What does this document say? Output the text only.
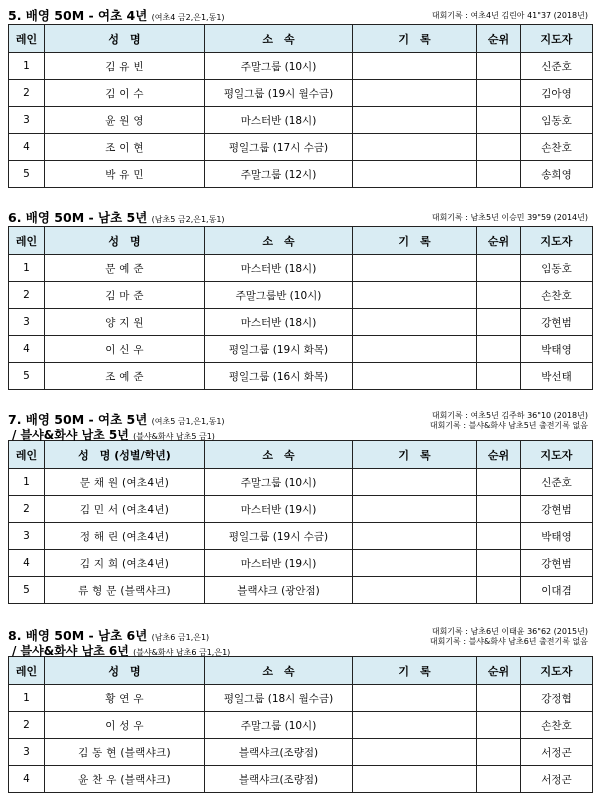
5. 배영 50M - 여초 4년 (여초4 금2,은1,동1)	대회기록 : 여초4년 김린아 41"37 (2018년)
레인	성　명	소　속	기　록	순위	지도자
1	김 유 빈	주말그룹 (10시)			신준호
2	김 이 수	평일그룹 (19시 월수금)			김아영
3	윤 원 영	마스터반 (18시)			임동호
4	조 이 현	평일그룹 (17시 수금)			손찬호
5	박 유 민	주말그룹 (12시)			송희영
6. 배영 50M - 남초 5년 (남초5 금2,은1,동1)	대회기록 : 남초5년 이승민 39"59 (2014년)
레인	성　명	소　속	기　록	순위	지도자
1	문 예 준	마스터반 (18시)			임동호
2	김 마 준	주말그룹반 (10시)			손찬호
3	양 지 원	마스터반 (18시)			강현범
4	이 신 우	평일그룹 (19시 화목)			박태영
5	조 예 준	평일그룹 (16시 화목)			박선태
7. 배영 50M - 여초 5년 (여초5 금1,은1,동1)
/ 블샤&화샤 남초 5년 (블샤&화샤 남초5 금1)
대회기록 : 여초5년 김주하 36"10 (2018년)
대회기록 : 블샤&화샤 남초5년 출전기록 없음
레인	성　명 (성별/학년)	소　속	기　록	순위	지도자
1	문 채 원 (여초4년)	주말그룹 (10시)			신준호
2	김 민 서 (여초4년)	마스터반 (19시)			강현범
3	정 해 린 (여초4년)	평일그룹 (19시 수금)			박태영
4	김 지 희 (여초4년)	마스터반 (19시)			강현범
5	류 형 문 (블랙샤크)	블랙샤크 (광안점)			이대겸
8. 배영 50M - 남초 6년 (남초6 금1,은1)
/ 블샤&화샤 남초 6년 (블샤&화샤 남초6 금1,은1)
대회기록 : 남초6년 이태윤 36"62 (2015년)
대회기록 : 블샤&화샤 남초6년 출전기록 없음
레인	성　명	소　속	기　록	순위	지도자
1	황 연 우	평일그룹 (18시 월수금)			강정협
2	이 성 우	주말그룹 (10시)			손찬호
3	김 동 현 (블랙샤크)	블랙샤크(조량점)			서정곤
4	윤 찬 우 (블랙샤크)	블랙샤크(조량점)			서정곤
